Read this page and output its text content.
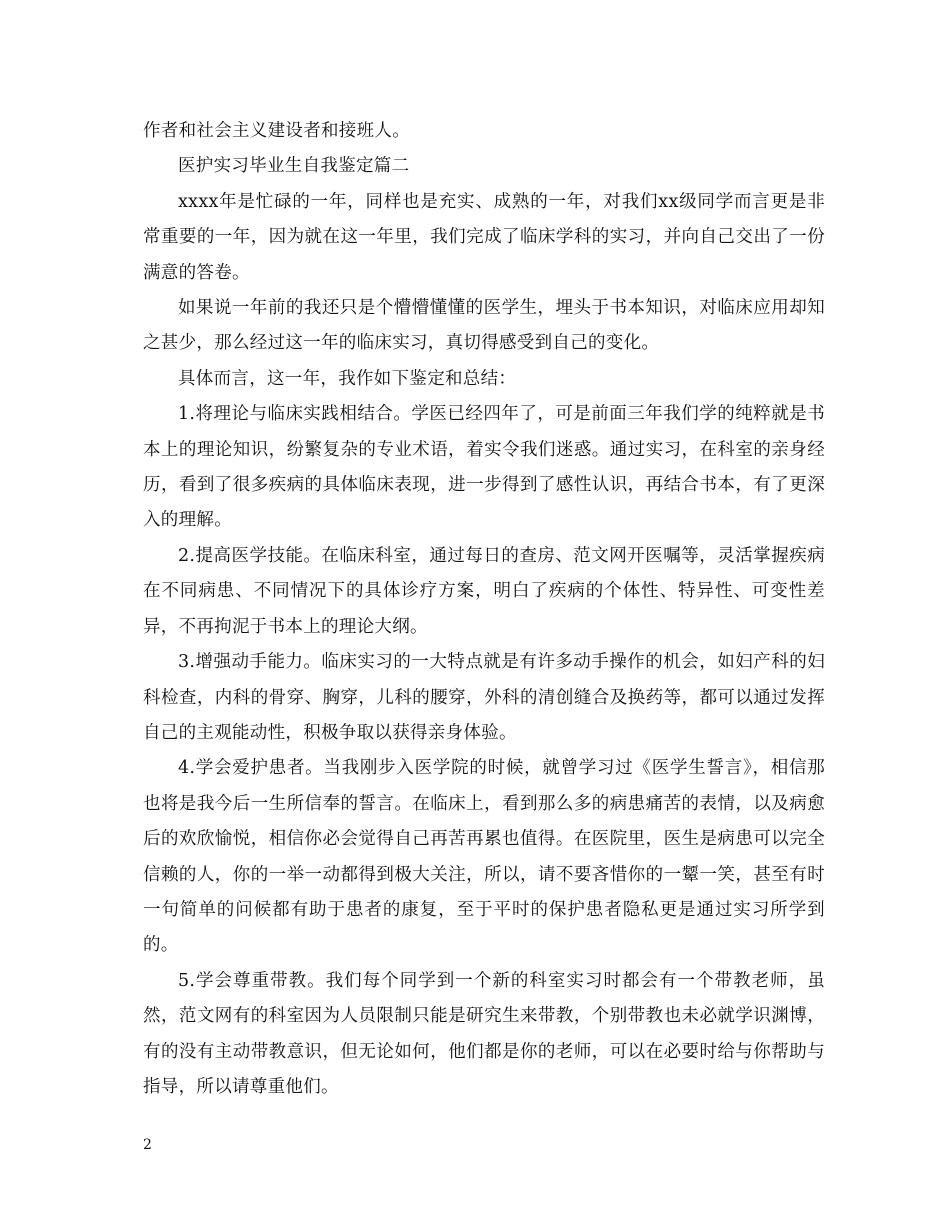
作者和社会主义建设者和接班人。

医护实习毕业生自我鉴定篇二

xxxx年是忙碌的一年，同样也是充实、成熟的一年，对我们xx级同学而言更是非常重要的一年，因为就在这一年里，我们完成了临床学科的实习，并向自己交出了一份满意的答卷。

如果说一年前的我还只是个懵懵懂懂的医学生，埋头于书本知识，对临床应用却知之甚少，那么经过这一年的临床实习，真切得感受到自己的变化。

具体而言，这一年，我作如下鉴定和总结：

1.将理论与临床实践相结合。学医已经四年了，可是前面三年我们学的纯粹就是书本上的理论知识，纷繁复杂的专业术语，着实令我们迷惑。通过实习，在科室的亲身经历，看到了很多疾病的具体临床表现，进一步得到了感性认识，再结合书本，有了更深入的理解。

2.提高医学技能。在临床科室，通过每日的查房、范文网开医嘱等，灵活掌握疾病在不同病患、不同情况下的具体诊疗方案，明白了疾病的个体性、特异性、可变性差异，不再拘泥于书本上的理论大纲。

3.增强动手能力。临床实习的一大特点就是有许多动手操作的机会，如妇产科的妇科检查，内科的骨穿、胸穿，儿科的腰穿，外科的清创缝合及换药等，都可以通过发挥自己的主观能动性，积极争取以获得亲身体验。

4.学会爱护患者。当我刚步入医学院的时候，就曾学习过《医学生誓言》，相信那也将是我今后一生所信奉的誓言。在临床上，看到那么多的病患痛苦的表情，以及病愈后的欢欣愉悦，相信你必会觉得自己再苦再累也值得。在医院里，医生是病患可以完全信赖的人，你的一举一动都得到极大关注，所以，请不要吝惜你的一颦一笑，甚至有时一句简单的问候都有助于患者的康复，至于平时的保护患者隐私更是通过实习所学到的。

5.学会尊重带教。我们每个同学到一个新的科室实习时都会有一个带教老师，虽然，范文网有的科室因为人员限制只能是研究生来带教，个别带教也未必就学识渊博，有的没有主动带教意识，但无论如何，他们都是你的老师，可以在必要时给与你帮助与指导，所以请尊重他们。

2
